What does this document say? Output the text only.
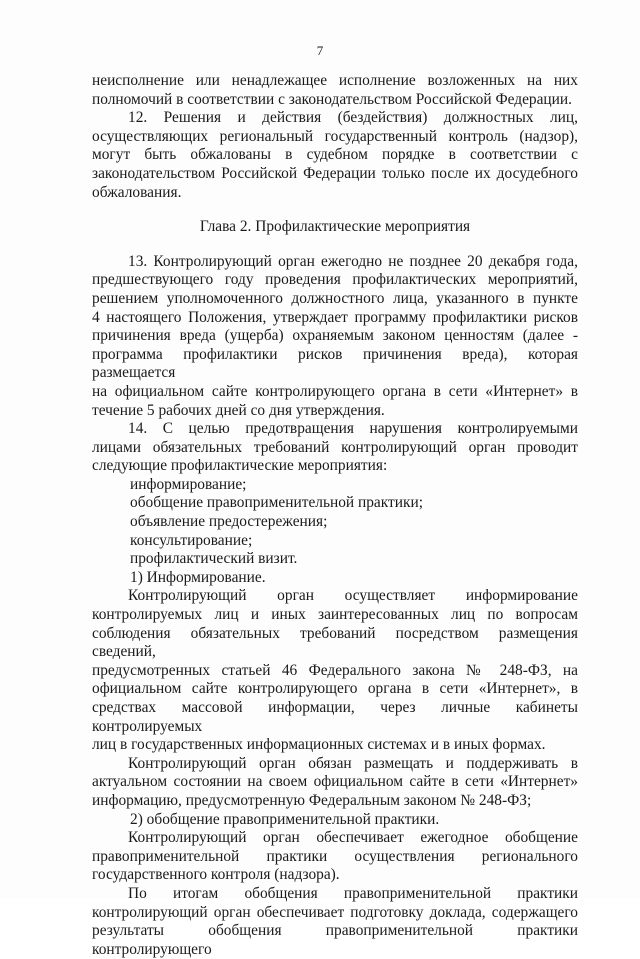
7

неисполнение или ненадлежащее исполнение возложенных на них

полномочий в соответствии с законодательством Российской Федерации.

12. Решения и действия (бездействия) должностных лиц,

осуществляющих региональный государственный контроль (надзор),

могут быть обжалованы в судебном порядке в соответствии с

законодательством Российской Федерации только после их досудебного

обжалования.

Глава 2. Профилактические мероприятия

13. Контролирующий орган ежегодно не позднее 20 декабря года,

предшествующего году проведения профилактических мероприятий,

решением уполномоченного должностного лица, указанного в пункте

4 настоящего Положения, утверждает программу профилактики рисков

причинения вреда (ущерба) охраняемым законом ценностям (далее -

программа профилактики рисков причинения вреда), которая размещается

на официальном сайте контролирующего органа в сети «Интернет» в

течение 5 рабочих дней со дня утверждения.

14. С целью предотвращения нарушения контролируемыми

лицами обязательных требований контролирующий орган проводит

следующие профилактические мероприятия:

информирование;

обобщение правоприменительной практики;

объявление предостережения;

консультирование;

профилактический визит.

1) Информирование.

Контролирующий орган осуществляет информирование

контролируемых лиц и иных заинтересованных лиц по вопросам

соблюдения обязательных требований посредством размещения сведений,

предусмотренных статьей 46 Федерального закона № 248-ФЗ, на

официальном сайте контролирующего органа в сети «Интернет», в

средствах массовой информации, через личные кабинеты контролируемых

лиц в государственных информационных системах и в иных формах.

Контролирующий орган обязан размещать и поддерживать в

актуальном состоянии на своем официальном сайте в сети «Интернет»

информацию, предусмотренную Федеральным законом № 248-ФЗ;

2) обобщение правоприменительной практики.

Контролирующий орган обеспечивает ежегодное обобщение

правоприменительной практики осуществления регионального

государственного контроля (надзора).

По итогам обобщения правоприменительной практики

контролирующий орган обеспечивает подготовку доклада, содержащего

результаты обобщения правоприменительной практики контролирующего
